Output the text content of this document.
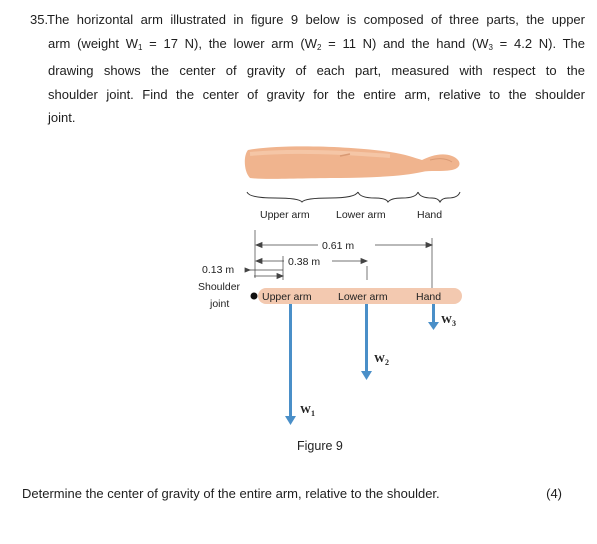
35.
The horizontal arm illustrated in figure 9 below is composed of three parts, the upper
arm (weight $W_1 = 17$ N), the lower arm ($W_2 = 11$ N) and the hand ($W_3 = 4.2$ N). The
drawing shows the center of gravity of each part, measured with respect to the
shoulder joint. Find the center of gravity for the entire arm, relative to the shoulder
joint.
Upper arm	Lower arm	Hand
0.61 m
0.38 m
0.13 m
Shoulder
joint
Upper arm	Lower arm	Hand
$W_1$
$W_2$
$W_3$
Figure 9
Determine the center of gravity of the entire arm, relative to the shoulder.	(4)
